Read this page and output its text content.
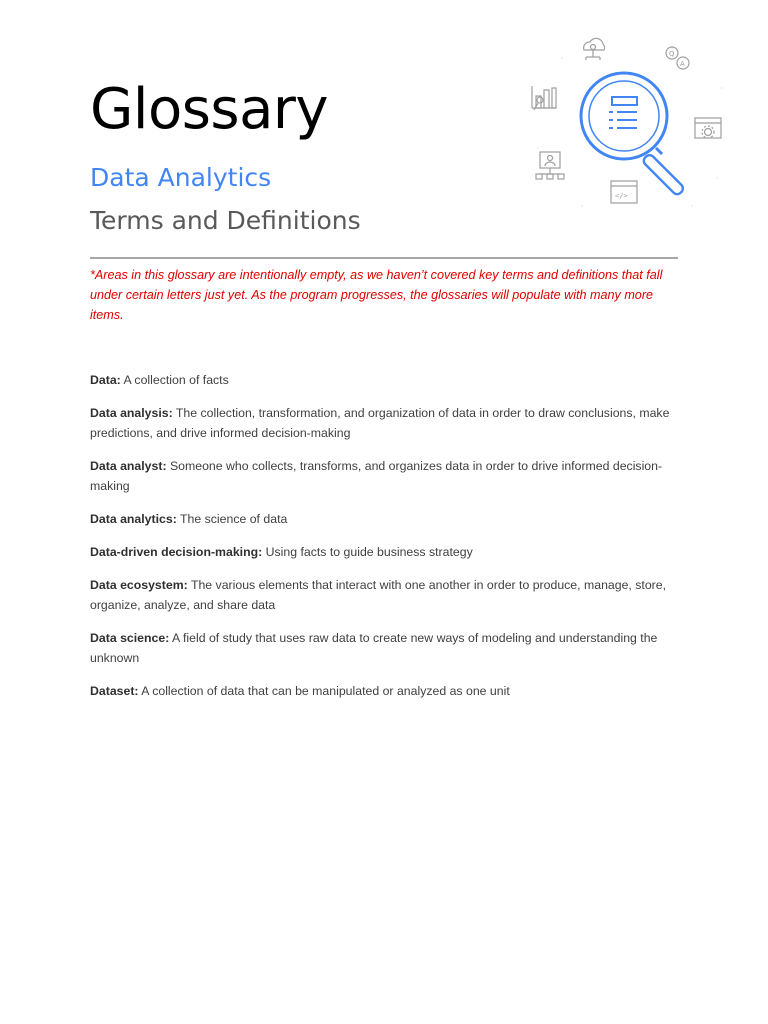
Glossary
Data Analytics
Terms and Definitions
*Areas in this glossary are intentionally empty, as we haven’t covered key terms and definitions that fall under certain letters just yet. As the program progresses, the glossaries will populate with many more items.
Data: A collection of facts
Data analysis: The collection, transformation, and organization of data in order to draw conclusions, make predictions, and drive informed decision-making
Data analyst: Someone who collects, transforms, and organizes data in order to drive informed decision-making
Data analytics: The science of data
Data-driven decision-making: Using facts to guide business strategy
Data ecosystem: The various elements that interact with one another in order to produce, manage, store, organize, analyze, and share data
Data science: A field of study that uses raw data to create new ways of modeling and understanding the unknown
Dataset: A collection of data that can be manipulated or analyzed as one unit
Q
A
</>
